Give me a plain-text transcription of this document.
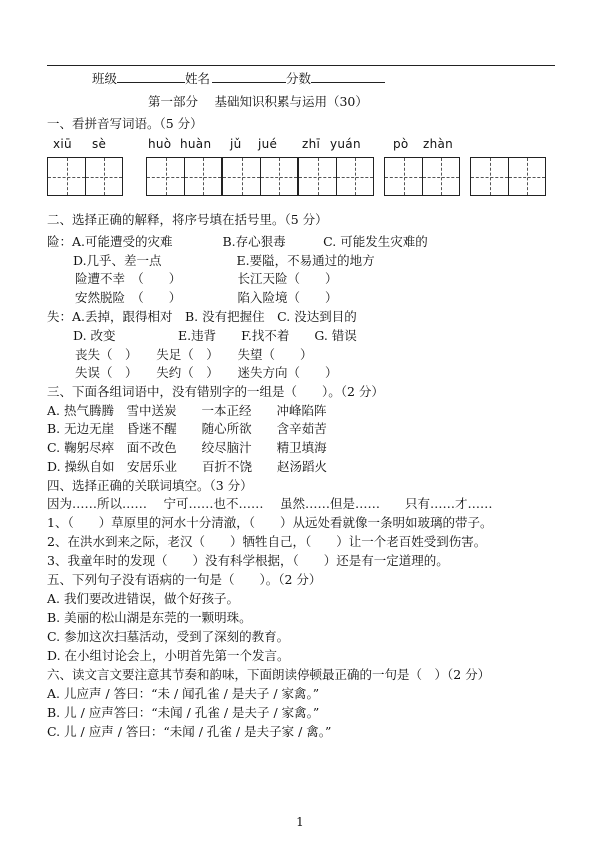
班级	姓名	分数
第一部分　 基础知识积累与运用（30）
一、看拼音写词语。（5 分）
xiū sè	huò huàn jǔ jué zhī yuán	pò zhàn
二、选择正确的解释，将序号填在括号里。（5 分）
险：A.可能遭受的灾难　　　　B.存心狠毒　　　C. 可能发生灾难的
D.几乎、差一点　　　　　　E.要隘，不易通过的地方
险遭不幸　（　　）　　　　　长江天险（　　）
安然脱险　（　　）　　　　　陷入险境（　　）
失：A.丢掉，跟得相对　B. 没有把握住　C. 没达到目的
D. 改变　　　　　E.违背　　F.找不着　　G. 错误
丧失（　）　　失足（　）　　失望（　　）
失误（　）　　失约（　）　　迷失方向（　　）
三、下面各组词语中，没有错别字的一组是（　　）。（2 分）
A. 热气腾腾　雪中送炭　　一本正经　　冲峰陷阵
B. 无边无崖　昏迷不醒　　随心所欲　　含辛茹苦
C. 鞠躬尽瘁　面不改色　　绞尽脑汁　　精卫填海
D. 操纵自如　安居乐业　　百折不饶　　赵汤蹈火
四、选择正确的关联词填空。（3 分）
因为……所以……　 宁可……也不……　 虽然……但是……　　只有……才……
1、（　　）草原里的河水十分清澈，（　　）从远处看就像一条明如玻璃的带子。
2、在洪水到来之际，老汉（　　）牺牲自己，（　　）让一个老百姓受到伤害。
3、我童年时的发现（　　）没有科学根据，（　　）还是有一定道理的。
五、下列句子没有语病的一句是（　　）。（2 分）
A. 我们要改进错误，做个好孩子。
B. 美丽的松山湖是东莞的一颗明珠。
C. 参加这次扫墓活动，受到了深刻的教育。
D. 在小组讨论会上，小明首先第一个发言。
六、读文言文要注意其节奏和韵味，下面朗读停顿最正确的一句是（　）（2 分）
A. 儿应声 / 答曰：“未 / 闻孔雀 / 是夫子 / 家禽。”
B. 儿 / 应声答曰：“未闻 / 孔雀 / 是夫子 / 家禽。”
C. 儿 / 应声 / 答曰：“未闻 / 孔雀 / 是夫子家 / 禽。”
1
